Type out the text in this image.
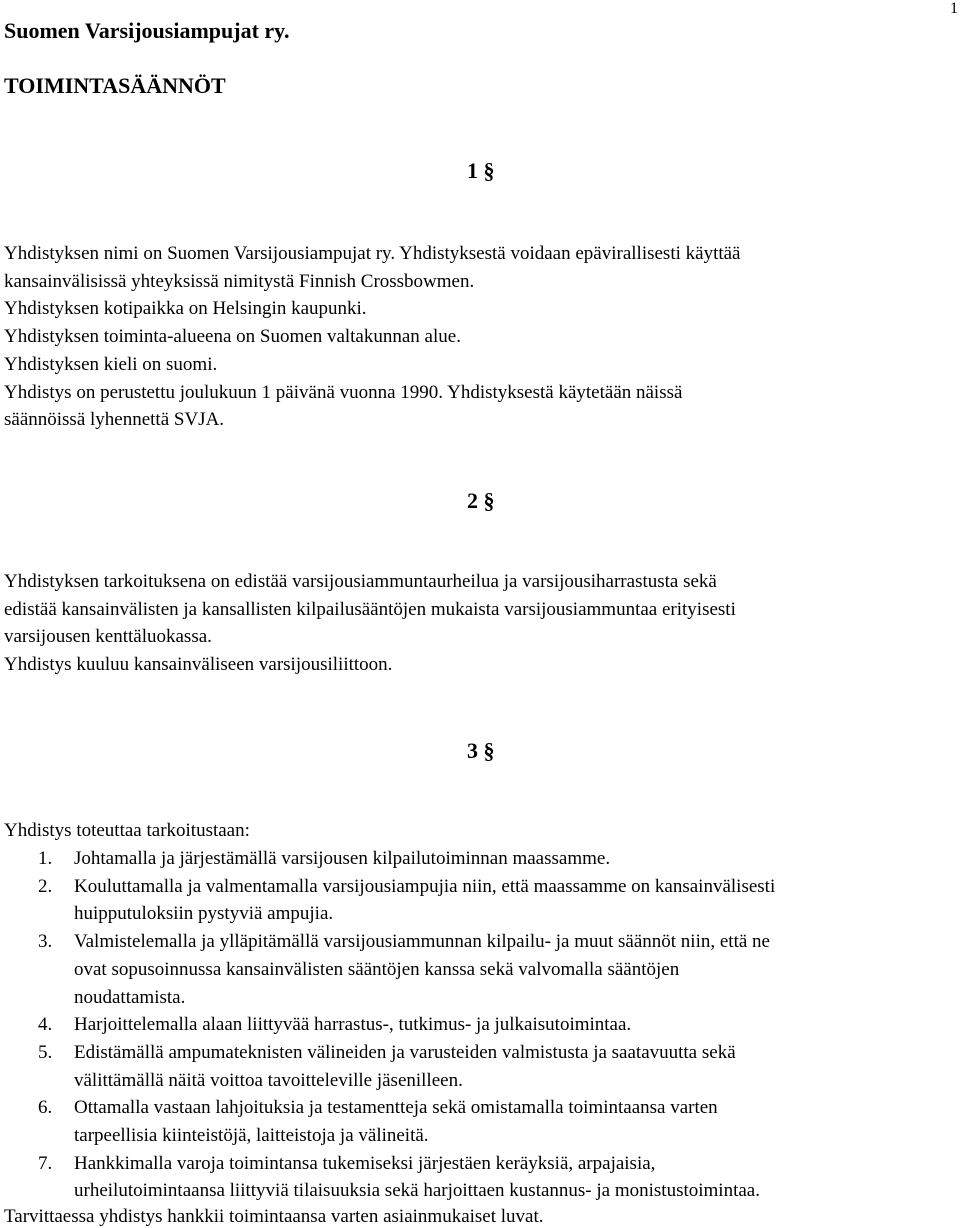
1
Suomen Varsijousiampujat ry.
TOIMINTASÄÄNNÖT
1 §
Yhdistyksen nimi on Suomen Varsijousiampujat ry. Yhdistyksestä voidaan epävirallisesti käyttää
kansainvälisissä yhteyksissä nimitystä Finnish Crossbowmen.
Yhdistyksen kotipaikka on Helsingin kaupunki.
Yhdistyksen toiminta-alueena on Suomen valtakunnan alue.
Yhdistyksen kieli on suomi.
Yhdistys on perustettu joulukuun 1 päivänä vuonna 1990. Yhdistyksestä käytetään näissä
säännöissä lyhennettä SVJA.
2 §
Yhdistyksen tarkoituksena on edistää varsijousiammuntaurheilua ja varsijousiharrastusta sekä
edistää kansainvälisten ja kansallisten kilpailusääntöjen mukaista varsijousiammuntaa erityisesti
varsijousen kenttäluokassa.
Yhdistys kuuluu kansainväliseen varsijousiliittoon.
3 §
Yhdistys toteuttaa tarkoitustaan:
1. Johtamalla ja järjestämällä varsijousen kilpailutoiminnan maassamme.
2. Kouluttamalla ja valmentamalla varsijousiampujia niin, että maassamme on kansainvälisesti
huipputuloksiin pystyviä ampujia.
3. Valmistelemalla ja ylläpitämällä varsijousiammunnan kilpailu- ja muut säännöt niin, että ne
ovat sopusoinnussa kansainvälisten sääntöjen kanssa sekä valvomalla sääntöjen
noudattamista.
4. Harjoittelemalla alaan liittyvää harrastus-, tutkimus- ja julkaisutoimintaa.
5. Edistämällä ampumateknisten välineiden ja varusteiden valmistusta ja saatavuutta sekä
välittämällä näitä voittoa tavoitteleville jäsenilleen.
6. Ottamalla vastaan lahjoituksia ja testamentteja sekä omistamalla toimintaansa varten
tarpeellisia kiinteistöjä, laitteistoja ja välineitä.
7. Hankkimalla varoja toimintansa tukemiseksi järjestäen keräyksiä, arpajaisia,
urheilutoimintaansa liittyviä tilaisuuksia sekä harjoittaen kustannus- ja monistustoimintaa.
Tarvittaessa yhdistys hankkii toimintaansa varten asiainmukaiset luvat.
